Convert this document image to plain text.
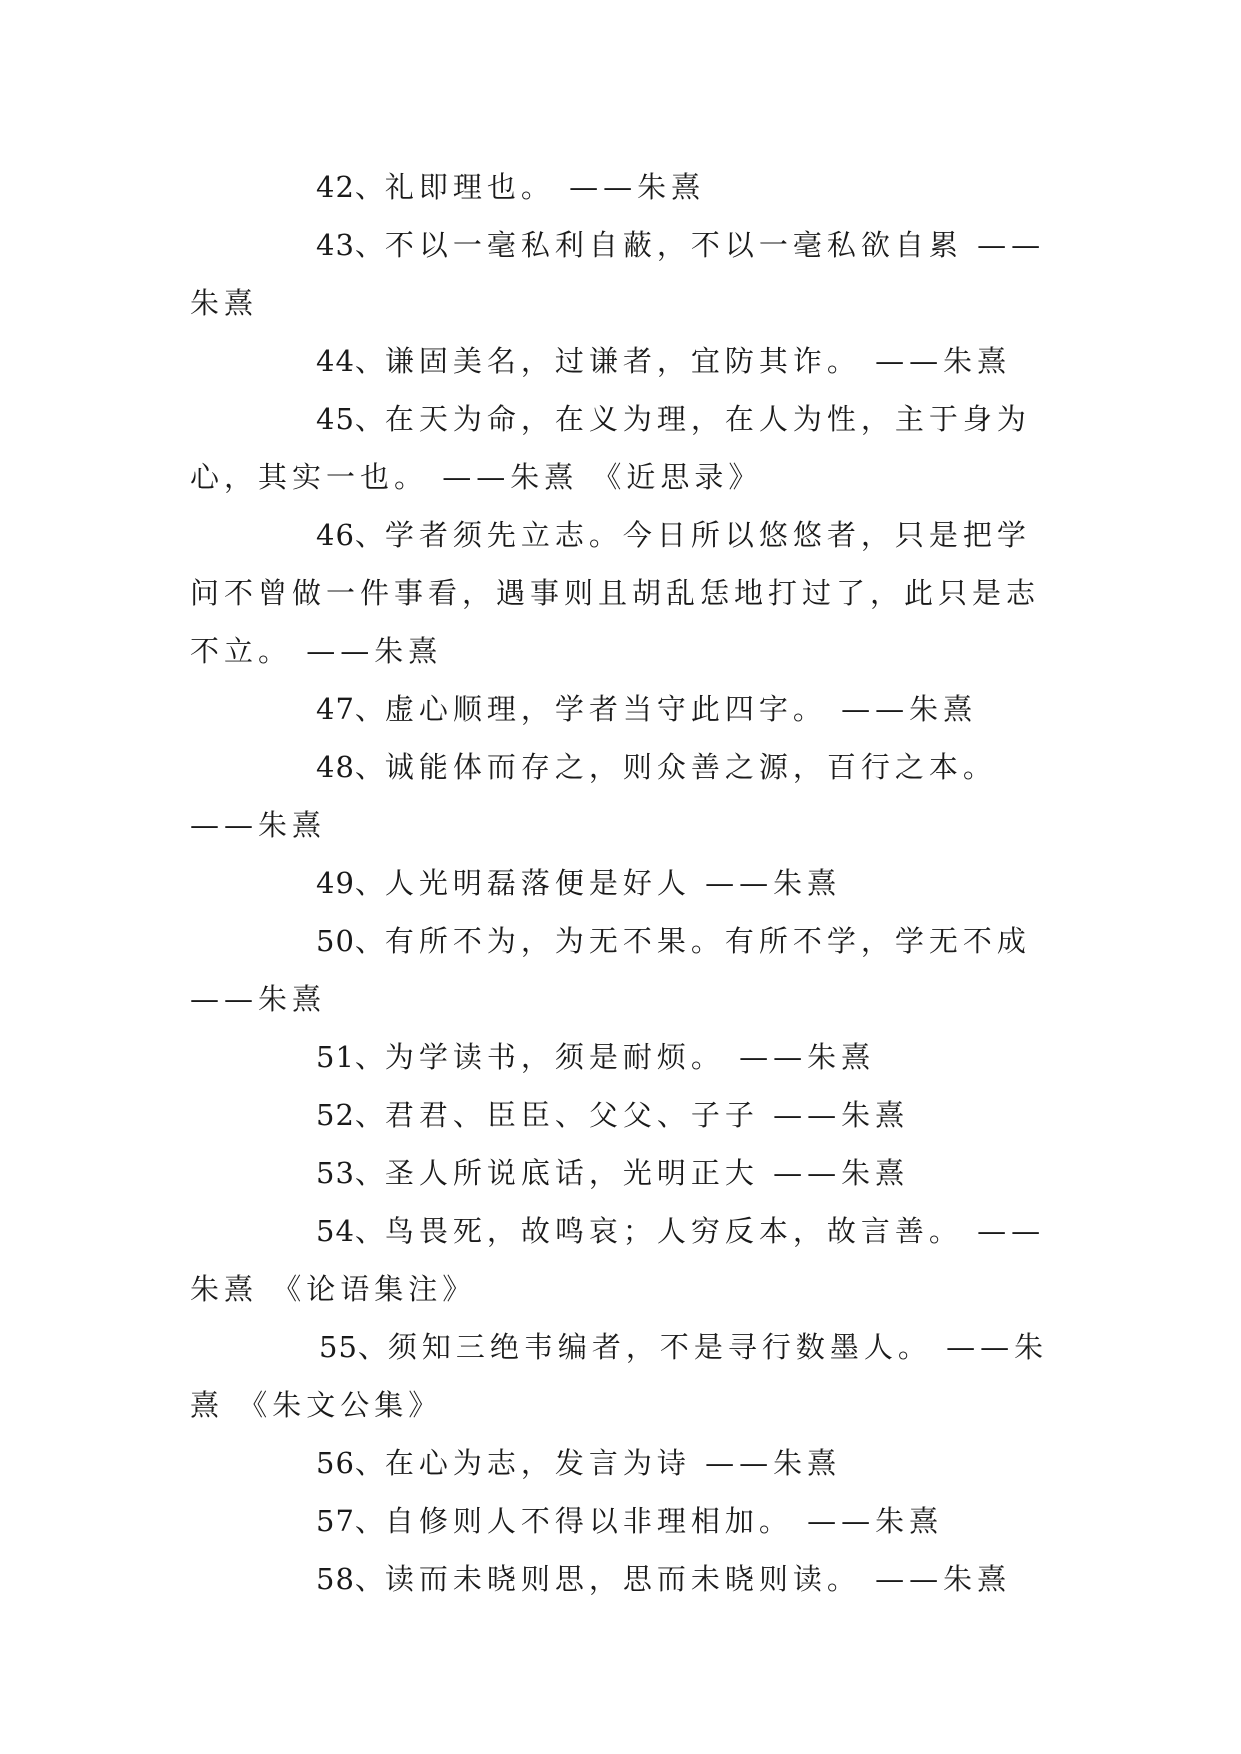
42、礼即理也。 ——朱熹

43、不以一毫私利自蔽，不以一毫私欲自累 ——朱熹

44、谦固美名，过谦者，宜防其诈。 ——朱熹

45、在天为命，在义为理，在人为性，主于身为心，其实一也。 ——朱熹 《近思录》

46、学者须先立志。今日所以悠悠者，只是把学问不曾做一件事看，遇事则且胡乱恁地打过了，此只是志不立。 ——朱熹

47、虚心顺理，学者当守此四字。 ——朱熹

48、诚能体而存之，则众善之源，百行之本。 ——朱熹

49、人光明磊落便是好人 ——朱熹

50、有所不为，为无不果。有所不学，学无不成 ——朱熹

51、为学读书，须是耐烦。 ——朱熹

52、君君、臣臣、父父、子子 ——朱熹

53、圣人所说底话，光明正大 ——朱熹

54、鸟畏死，故鸣哀；人穷反本，故言善。 ——朱熹 《论语集注》

55、须知三绝韦编者，不是寻行数墨人。 ——朱熹 《朱文公集》

56、在心为志，发言为诗 ——朱熹

57、自修则人不得以非理相加。 ——朱熹

58、读而未晓则思，思而未晓则读。 ——朱熹
